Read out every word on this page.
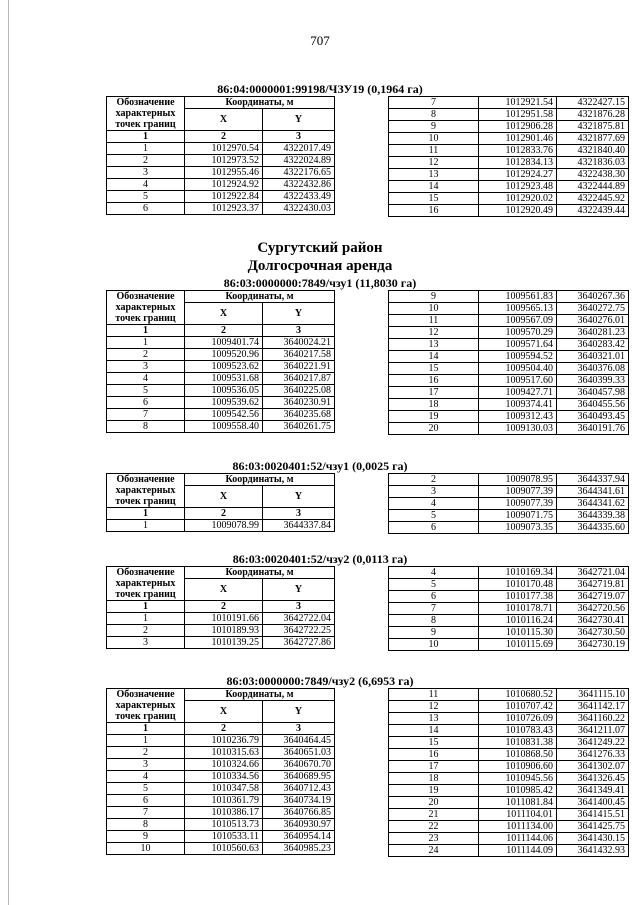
707
Сургутский район
Долгосрочная аренда
86:04:0000001:99198/ЧЗУ19 (0,1964 га)
Обозначение характерных точек границ	Координаты, м	
	X	Y
1	2	3
1	1012970.54	4322017.49
2	1012973.52	4322024.89
3	1012955.46	4322176.65
4	1012924.92	4322432.86
5	1012922.84	4322433.49
6	1012923.37	4322430.03
7	1012921.54	4322427.15
8	1012951.58	4321876.28
9	1012906.28	4321875.81
10	1012901.46	4321877.69
11	1012833.76	4321840.40
12	1012834.13	4321836.03
13	1012924.27	4322438.30
14	1012923.48	4322444.89
15	1012920.02	4322445.92
16	1012920.49	4322439.44
86:03:0000000:7849/чзу1 (11,8030 га)
Обозначение характерных точек границ	Координаты, м	
	X	Y
1	2	3
1	1009401.74	3640024.21
2	1009520.96	3640217.58
3	1009523.62	3640221.91
4	1009531.68	3640217.87
5	1009536.05	3640225.08
6	1009539.62	3640230.91
7	1009542.56	3640235.68
8	1009558.40	3640261.75
9	1009561.83	3640267.36
10	1009565.13	3640272.75
11	1009567.09	3640276.01
12	1009570.29	3640281.23
13	1009571.64	3640283.42
14	1009594.52	3640321.01
15	1009504.40	3640376.08
16	1009517.60	3640399.33
17	1009427.71	3640457.98
18	1009374.41	3640455.56
19	1009312.43	3640493.45
20	1009130.03	3640191.76
86:03:0020401:52/чзу1 (0,0025 га)
Обозначение характерных точек границ	Координаты, м	
	X	Y
1	2	3
1	1009078.99	3644337.84
2	1009078.95	3644337.94
3	1009077.39	3644341.61
4	1009077.39	3644341.62
5	1009071.75	3644339.38
6	1009073.35	3644335.60
86:03:0020401:52/чзу2 (0,0113 га)
Обозначение характерных точек границ	Координаты, м	
	X	Y
1	2	3
1	1010191.66	3642722.04
2	1010189.93	3642722.25
3	1010139.25	3642727.86
4	1010169.34	3642721.04
5	1010170.48	3642719.81
6	1010177.38	3642719.07
7	1010178.71	3642720.56
8	1010116.24	3642730.41
9	1010115.30	3642730.50
10	1010115.69	3642730.19
86:03:0000000:7849/чзу2 (6,6953 га)
Обозначение характерных точек границ	Координаты, м	
	X	Y
1	2	3
1	1010236.79	3640464.45
2	1010315.63	3640651.03
3	1010324.66	3640670.70
4	1010334.56	3640689.95
5	1010347.58	3640712.43
6	1010361.79	3640734.19
7	1010386.17	3640766.85
8	1010513.73	3640930.97
9	1010533.11	3640954.14
10	1010560.63	3640985.23
11	1010680.52	3641115.10
12	1010707.42	3641142.17
13	1010726.09	3641160.22
14	1010783.43	3641211.07
15	1010831.38	3641249.22
16	1010868.50	3641276.33
17	1010906.60	3641302.07
18	1010945.56	3641326.45
19	1010985.42	3641349.41
20	1011081.84	3641400.45
21	1011104.01	3641415.51
22	1011134.00	3641425.75
23	1011144.06	3641430.15
24	1011144.09	3641432.93
